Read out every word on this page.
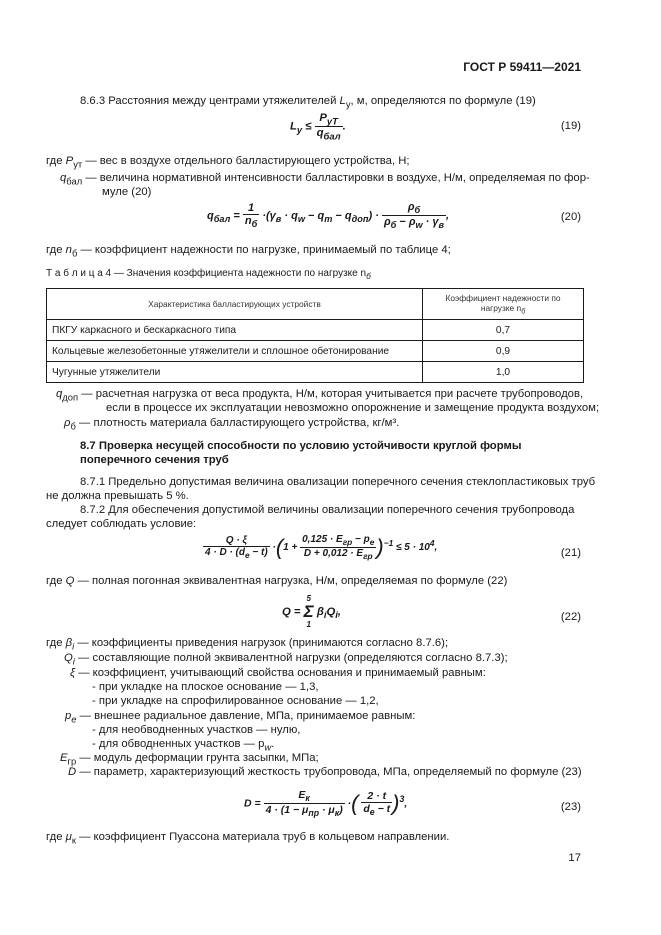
ГОСТ Р 59411—2021
8.6.3 Расстояния между центрами утяжелителей $L_у$, м, определяются по формуле (19)
$L_у \le \frac{P_{уТ}}{q_{бал}}$ .	(19)
где $P_{ут}$ — вес в воздухе отдельного балластирующего устройства, Н;
$q_{бал}$ — величина нормативной интенсивности балластировки в воздухе, Н/м, определяемая по фор-
муле (20)
$q_{бал} = \frac{1}{n_б} \cdot(\gamma_в \cdot q_w - q_т - q_{доп}) \cdot \frac{\rho_б}{\rho_б - \rho_w \cdot \gamma_в}$ ,	(20)
где $n_б$ — коэффициент надежности по нагрузке, принимаемый по таблице 4;
Т а б л и ц а 4 — Значения коэффициента надежности по нагрузке $n_б$
Характеристика балластирующих устройств	Коэффициент надежности по
нагрузке $n_б$
ПКГУ каркасного и бескаркасного типа	0,7
Кольцевые железобетонные утяжелители и сплошное обетонирование	0,9
Чугунные утяжелители	1,0
$q_{доп}$ — расчетная нагрузка от веса продукта, Н/м, которая учитывается при расчете трубопроводов,
если в процессе их эксплуатации невозможно опорожнение и замещение продукта воздухом;
$\rho_б$ — плотность материала балластирующего устройства, кг/м³.
8.7 Проверка несущей способности по условию устойчивости круглой формы
поперечного сечения труб
8.7.1 Предельно допустимая величина овализации поперечного сечения стеклопластиковых труб
не должна превышать 5 %.
8.7.2 Для обеспечения допустимой величины овализации поперечного сечения трубопровода
следует соблюдать условие:
$\frac{Q \cdot \xi}{4 \cdot D \cdot (d_e - t)} \cdot(1 + \frac{0,125 \cdot E_{гр} - p_e}{D + 0,012 \cdot E_{гр}} )^{-1} \le 5 \cdot 10^4$,	(21)
где Q — полная погонная эквивалентная нагрузка, Н/м, определяемая по формуле (22)
Q =
5
Σ
1
$\beta_iQ_i$,	(22)
где $\beta_i$ — коэффициенты приведения нагрузок (принимаются согласно 8.7.6);
$Q_i$ — составляющие полной эквивалентной нагрузки (определяются согласно 8.7.3);
ξ — коэффициент, учитывающий свойства основания и принимаемый равным:
- при укладке на плоское основание — 1,3,
- при укладке на спрофилированное основание — 1,2,
$p_e$ — внешнее радиальное давление, МПа, принимаемое равным:
- для необводненных участков — нулю,
- для обводненных участков — $p_w$.
$E_{гр}$ — модуль деформации грунта засыпки, МПа;
D — параметр, характеризующий жесткость трубопровода, МПа, определяемый по формуле (23)
$D = \frac{E_к}{4 \cdot (1 - \mu_{пр} \cdot \mu_к)}$ ·( $\frac{2 \cdot t}{d_e - t} )^3$,	(23)
где $\mu_к$ — коэффициент Пуассона материала труб в кольцевом направлении.
17
